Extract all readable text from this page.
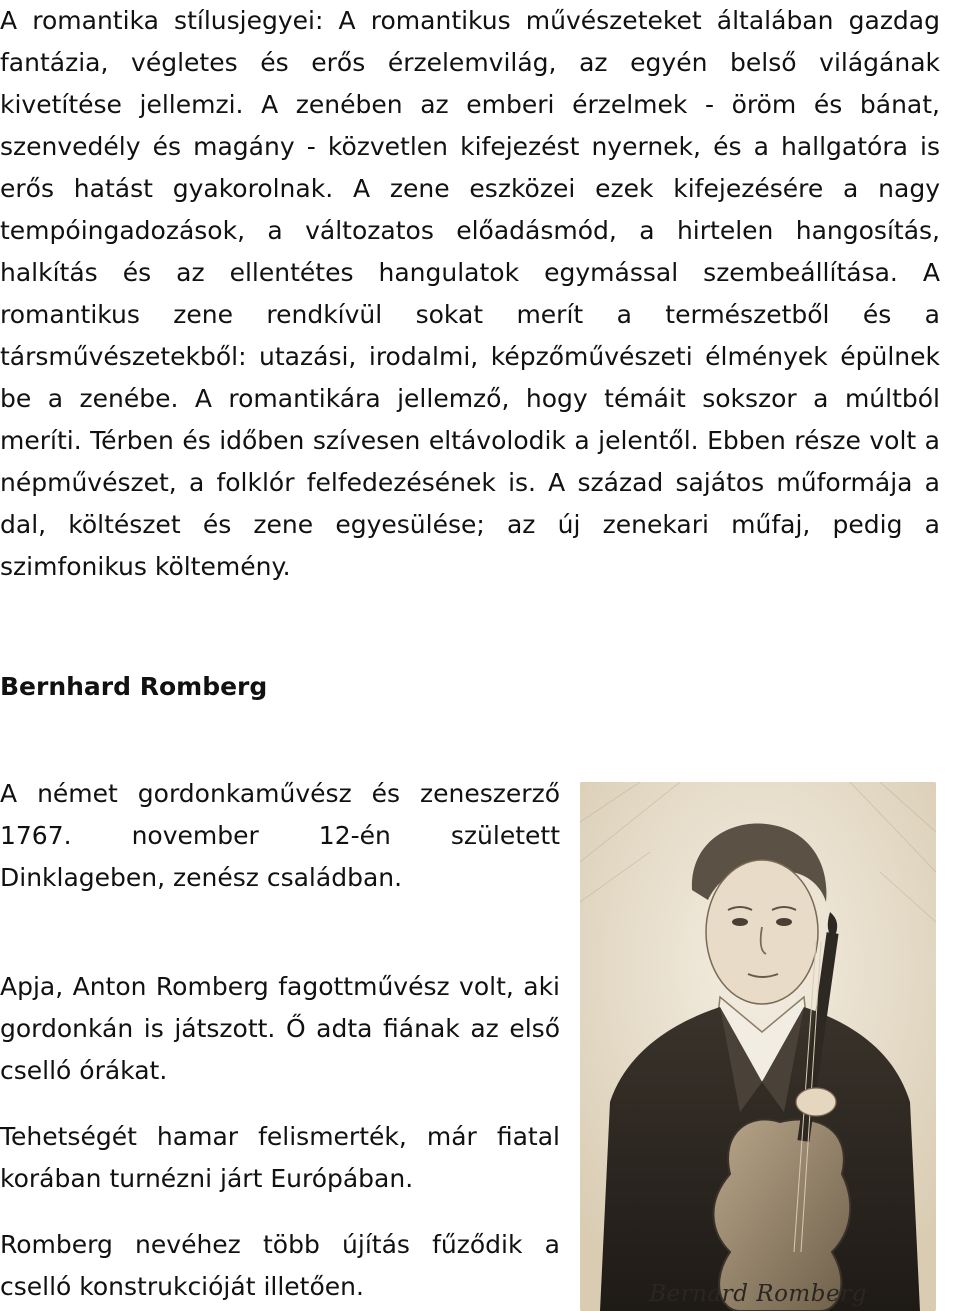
A romantika stílusjegyei: A romantikus művészeteket általában gazdag fantázia, végletes és erős érzelemvilág, az egyén belső világának kivetítése jellemzi. A zenében az emberi érzelmek - öröm és bánat, szenvedély és magány - közvetlen kifejezést nyernek, és a hallgatóra is erős hatást gyakorolnak. A zene eszközei ezek kifejezésére a nagy tempóingadozások, a változatos előadásmód, a hirtelen hangosítás, halkítás és az ellentétes hangulatok egymással szembeállítása. A romantikus zene rendkívül sokat merít a természetből és a társművészetekből: utazási, irodalmi, képzőművészeti élmények épülnek be a zenébe. A romantikára jellemző, hogy témáit sokszor a múltból meríti. Térben és időben szívesen eltávolodik a jelentől. Ebben része volt a népművészet, a folklór felfedezésének is. A század sajátos műformája a dal, költészet és zene egyesülése; az új zenekari műfaj, pedig a szimfonikus költemény.

Bernhard Romberg

A német gordonkaművész és zeneszerző 1767. november 12-én született Dinklageben, zenész családban.

Apja, Anton Romberg fagottművész volt, aki gordonkán is játszott. Ő adta fiának az első cselló órákat.

Tehetségét hamar felismerték, már fiatal korában turnézni járt Európában.

Romberg nevéhez több újítás fűződik a cselló konstrukcióját illetően.	Bernard Romberg
